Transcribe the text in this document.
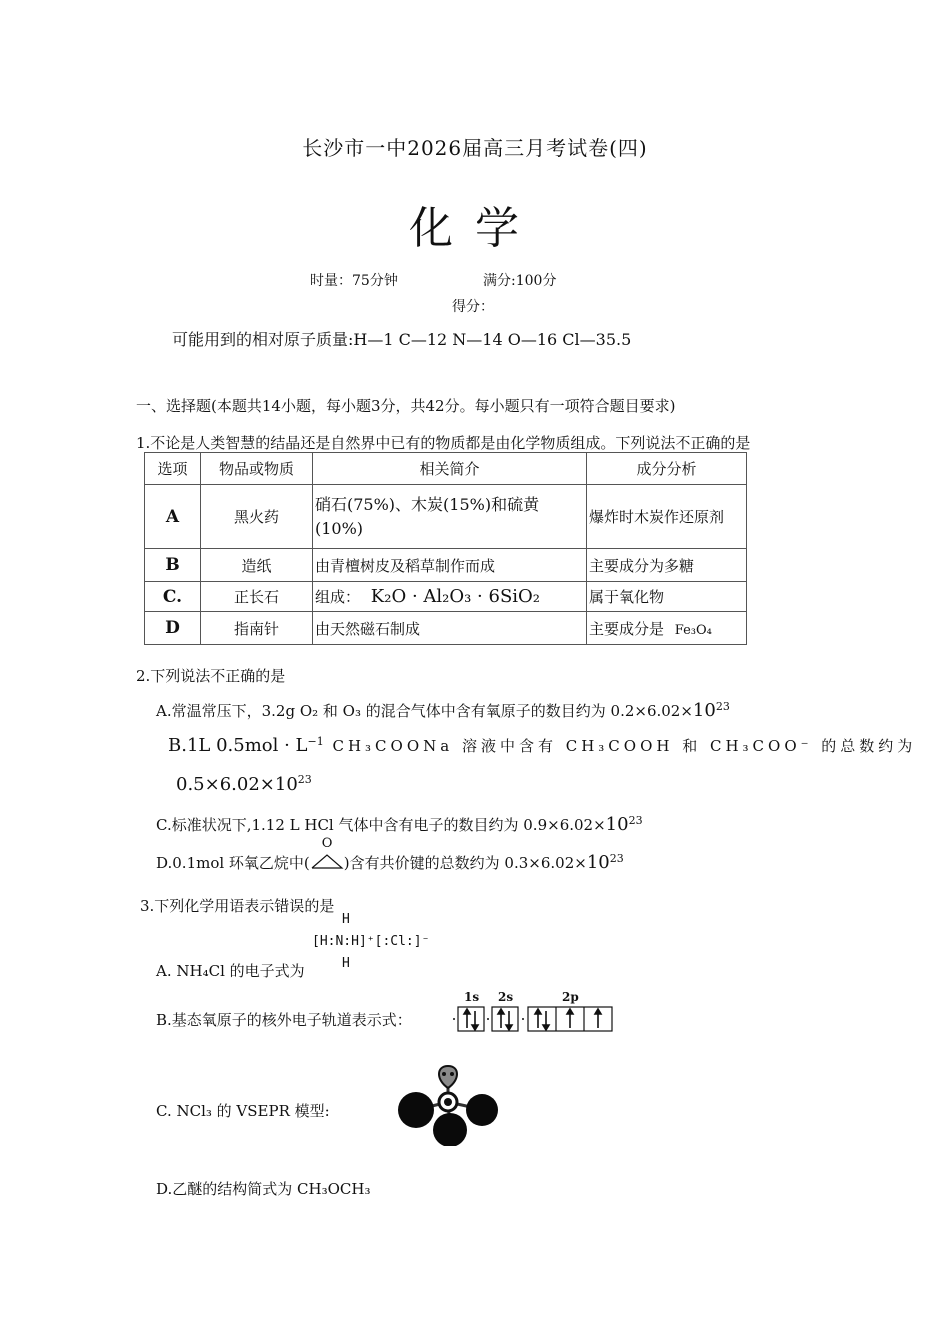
长沙市一中2026届高三月考试卷(四)
化学
时量：75分钟	满分:100分
得分：
可能用到的相对原子质量:H—1 C—12 N—14 O—16 Cl—35.5
一、选择题(本题共14小题，每小题3分，共42分。每小题只有一项符合题目要求)
1.不论是人类智慧的结晶还是自然界中已有的物质都是由化学物质组成。下列说法不正确的是
选项	物品或物质	相关简介	成分分析
A	黑火药	硝石(75%)、木炭(15%)和硫黄(10%)	爆炸时木炭作还原剂
B	造纸	由青檀树皮及稻草制作而成	主要成分为多糖
C.	正长石	组成： K₂O · Al₂O₃ · 6SiO₂	属于氧化物
D	指南针	由天然磁石制成	主要成分是 Fe₃O₄
2.下列说法不正确的是
A.常温常压下，3.2g O₂ 和 O₃ 的混合气体中含有氧原子的数目约为 $0.2\times 6.02\times 10^{23}$
B.1L $0.5mol \cdot L^{-1}$ CH₃COONa 溶液中含有 CH₃COOH 和 CH₃COO⁻ 的总数约为
$0.5\times 6.02\times 10^{23}$
C.标准状况下,1.12 L HCl 气体中含有电子的数目约为 $0.9\times 6.02\times 10^{23}$
D.0.1mol 环氧乙烷中(
O
)含有共价键的总数约为 $0.3\times 6.02\times 10^{23}$
3.下列化学用语表示错误的是
H
[H:N:H]⁺[:Cl:]⁻
H
A. NH₄Cl 的电子式为
B.基态氧原子的核外电子轨道表示式：
1s 2s	2p
C. NCl₃ 的 VSEPR 模型:
D.乙醚的结构简式为 CH₃OCH₃
